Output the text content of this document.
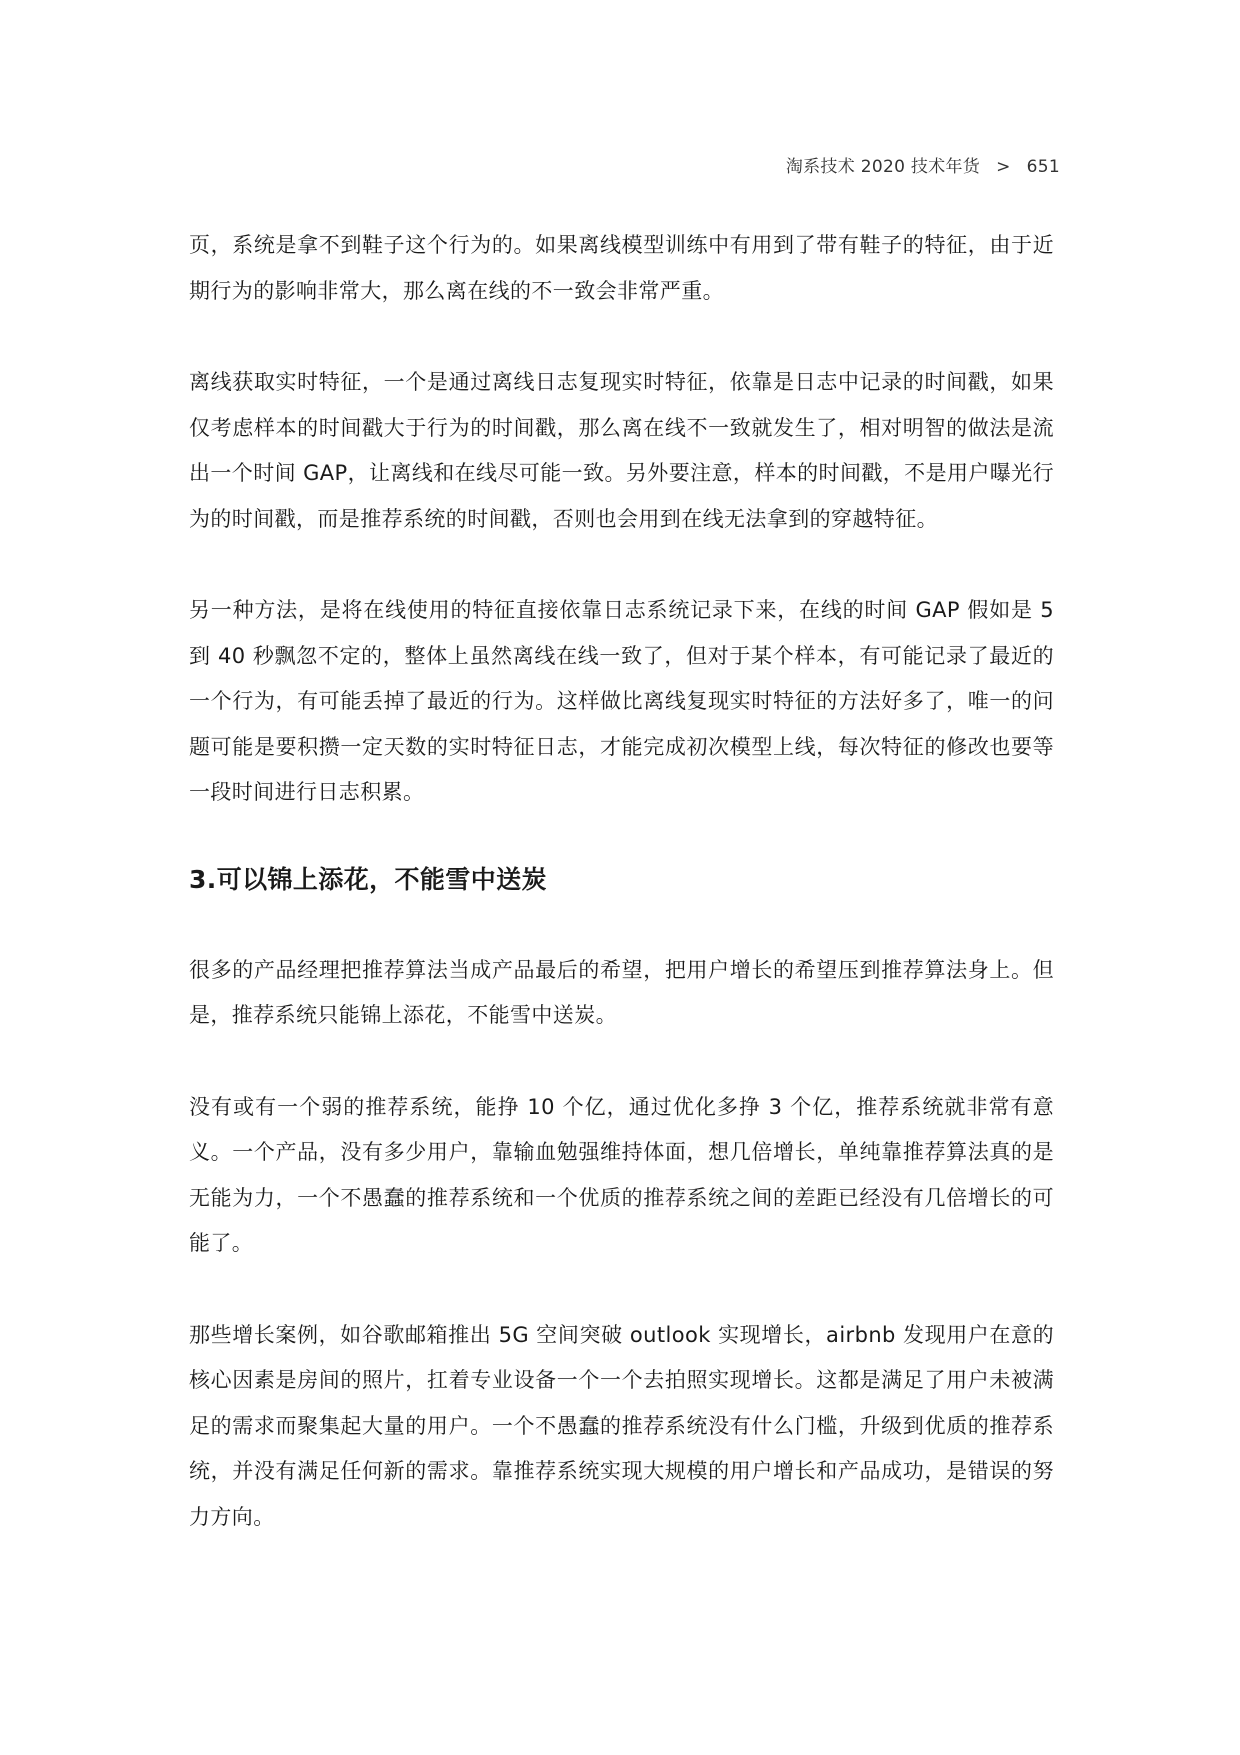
淘系技术 2020 技术年货 > 651

页，系统是拿不到鞋子这个行为的。如果离线模型训练中有用到了带有鞋子的特征，由于近期行为的影响非常大，那么离在线的不一致会非常严重。

离线获取实时特征，一个是通过离线日志复现实时特征，依靠是日志中记录的时间戳，如果仅考虑样本的时间戳大于行为的时间戳，那么离在线不一致就发生了，相对明智的做法是流出一个时间 GAP，让离线和在线尽可能一致。另外要注意，样本的时间戳，不是用户曝光行为的时间戳，而是推荐系统的时间戳，否则也会用到在线无法拿到的穿越特征。

另一种方法，是将在线使用的特征直接依靠日志系统记录下来，在线的时间 GAP 假如是 5 到 40 秒飘忽不定的，整体上虽然离线在线一致了，但对于某个样本，有可能记录了最近的一个行为，有可能丢掉了最近的行为。这样做比离线复现实时特征的方法好多了，唯一的问题可能是要积攒一定天数的实时特征日志，才能完成初次模型上线，每次特征的修改也要等一段时间进行日志积累。

3.可以锦上添花，不能雪中送炭

很多的产品经理把推荐算法当成产品最后的希望，把用户增长的希望压到推荐算法身上。但是，推荐系统只能锦上添花，不能雪中送炭。

没有或有一个弱的推荐系统，能挣 10 个亿，通过优化多挣 3 个亿，推荐系统就非常有意义。一个产品，没有多少用户，靠输血勉强维持体面，想几倍增长，单纯靠推荐算法真的是无能为力，一个不愚蠢的推荐系统和一个优质的推荐系统之间的差距已经没有几倍增长的可能了。

那些增长案例，如谷歌邮箱推出 5G 空间突破 outlook 实现增长，airbnb 发现用户在意的核心因素是房间的照片，扛着专业设备一个一个去拍照实现增长。这都是满足了用户未被满足的需求而聚集起大量的用户。一个不愚蠢的推荐系统没有什么门槛，升级到优质的推荐系统，并没有满足任何新的需求。靠推荐系统实现大规模的用户增长和产品成功，是错误的努力方向。
